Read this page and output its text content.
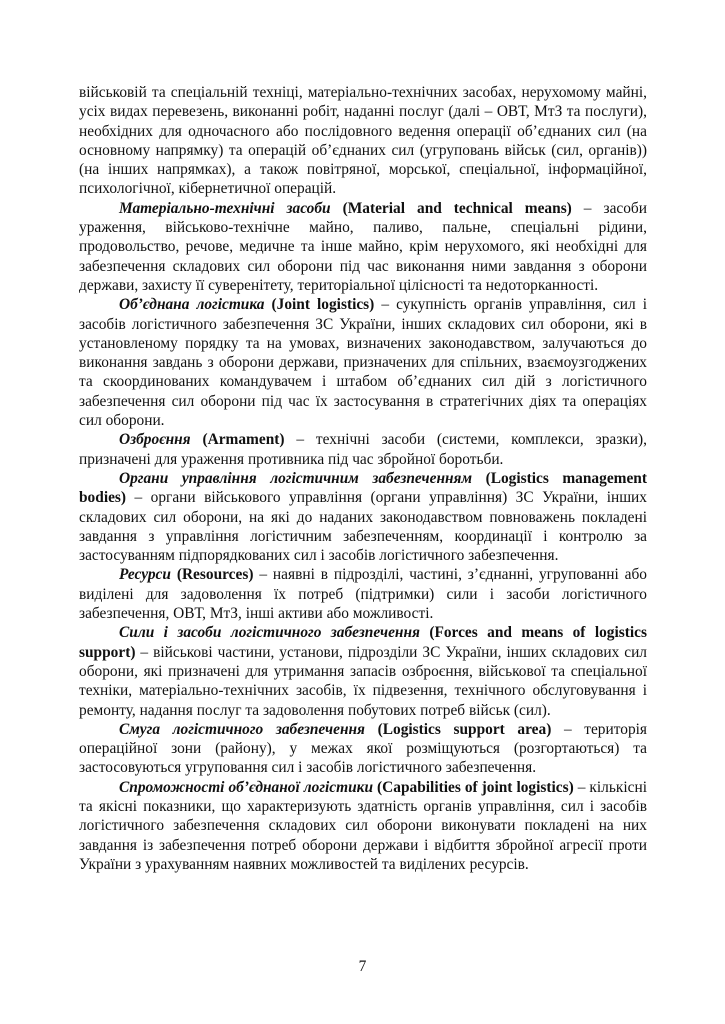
військовій та спеціальній техніці, матеріально-технічних засобах, нерухомому майні, усіх видах перевезень, виконанні робіт, наданні послуг (далі – ОВТ, МтЗ та послуги), необхідних для одночасного або послідовного ведення операції об’єднаних сил (на основному напрямку) та операцій об’єднаних сил (угруповань військ (сил, органів)) (на інших напрямках), а також повітряної, морської, спеціальної, інформаційної, психологічної, кібернетичної операцій.

Матеріально-технічні засоби (Material and technical means) – засоби ураження, військово-технічне майно, паливо, пальне, спеціальні рідини, продовольство, речове, медичне та інше майно, крім нерухомого, які необхідні для забезпечення складових сил оборони під час виконання ними завдання з оборони держави, захисту її суверенітету, територіальної цілісності та недоторканності.

Об’єднана логістика (Joint logistics) – сукупність органів управління, сил і засобів логістичного забезпечення ЗС України, інших складових сил оборони, які в установленому порядку та на умовах, визначених законодавством, залучаються до виконання завдань з оборони держави, призначених для спільних, взаємоузгоджених та скоординованих командувачем і штабом об’єднаних сил дій з логістичного забезпечення сил оборони під час їх застосування в стратегічних діях та операціях сил оборони.

Озброєння (Armament) – технічні засоби (системи, комплекси, зразки), призначені для ураження противника під час збройної боротьби.

Органи управління логістичним забезпеченням (Logistics management bodies) – органи військового управління (органи управління) ЗС України, інших складових сил оборони, на які до наданих законодавством повноважень покладені завдання з управління логістичним забезпеченням, координації і контролю за застосуванням підпорядкованих сил і засобів логістичного забезпечення.

Ресурси (Resources) – наявні в підрозділі, частині, з’єднанні, угрупованні або виділені для задоволення їх потреб (підтримки) сили і засоби логістичного забезпечення, ОВТ, МтЗ, інші активи або можливості.

Сили і засоби логістичного забезпечення (Forces and means of logistics support) – військові частини, установи, підрозділи ЗС України, інших складових сил оборони, які призначені для утримання запасів озброєння, військової та спеціальної техніки, матеріально-технічних засобів, їх підвезення, технічного обслуговування і ремонту, надання послуг та задоволення побутових потреб військ (сил).

Смуга логістичного забезпечення (Logistics support area) – територія операційної зони (району), у межах якої розміщуються (розгортаються) та застосовуються угруповання сил і засобів логістичного забезпечення.

Спроможності об’єднаної логістики (Capabilities of joint logistics) – кількісні та якісні показники, що характеризують здатність органів управління, сил і засобів логістичного забезпечення складових сил оборони виконувати покладені на них завдання із забезпечення потреб оборони держави і відбиття збройної агресії проти України з урахуванням наявних можливостей та виділених ресурсів.

7
